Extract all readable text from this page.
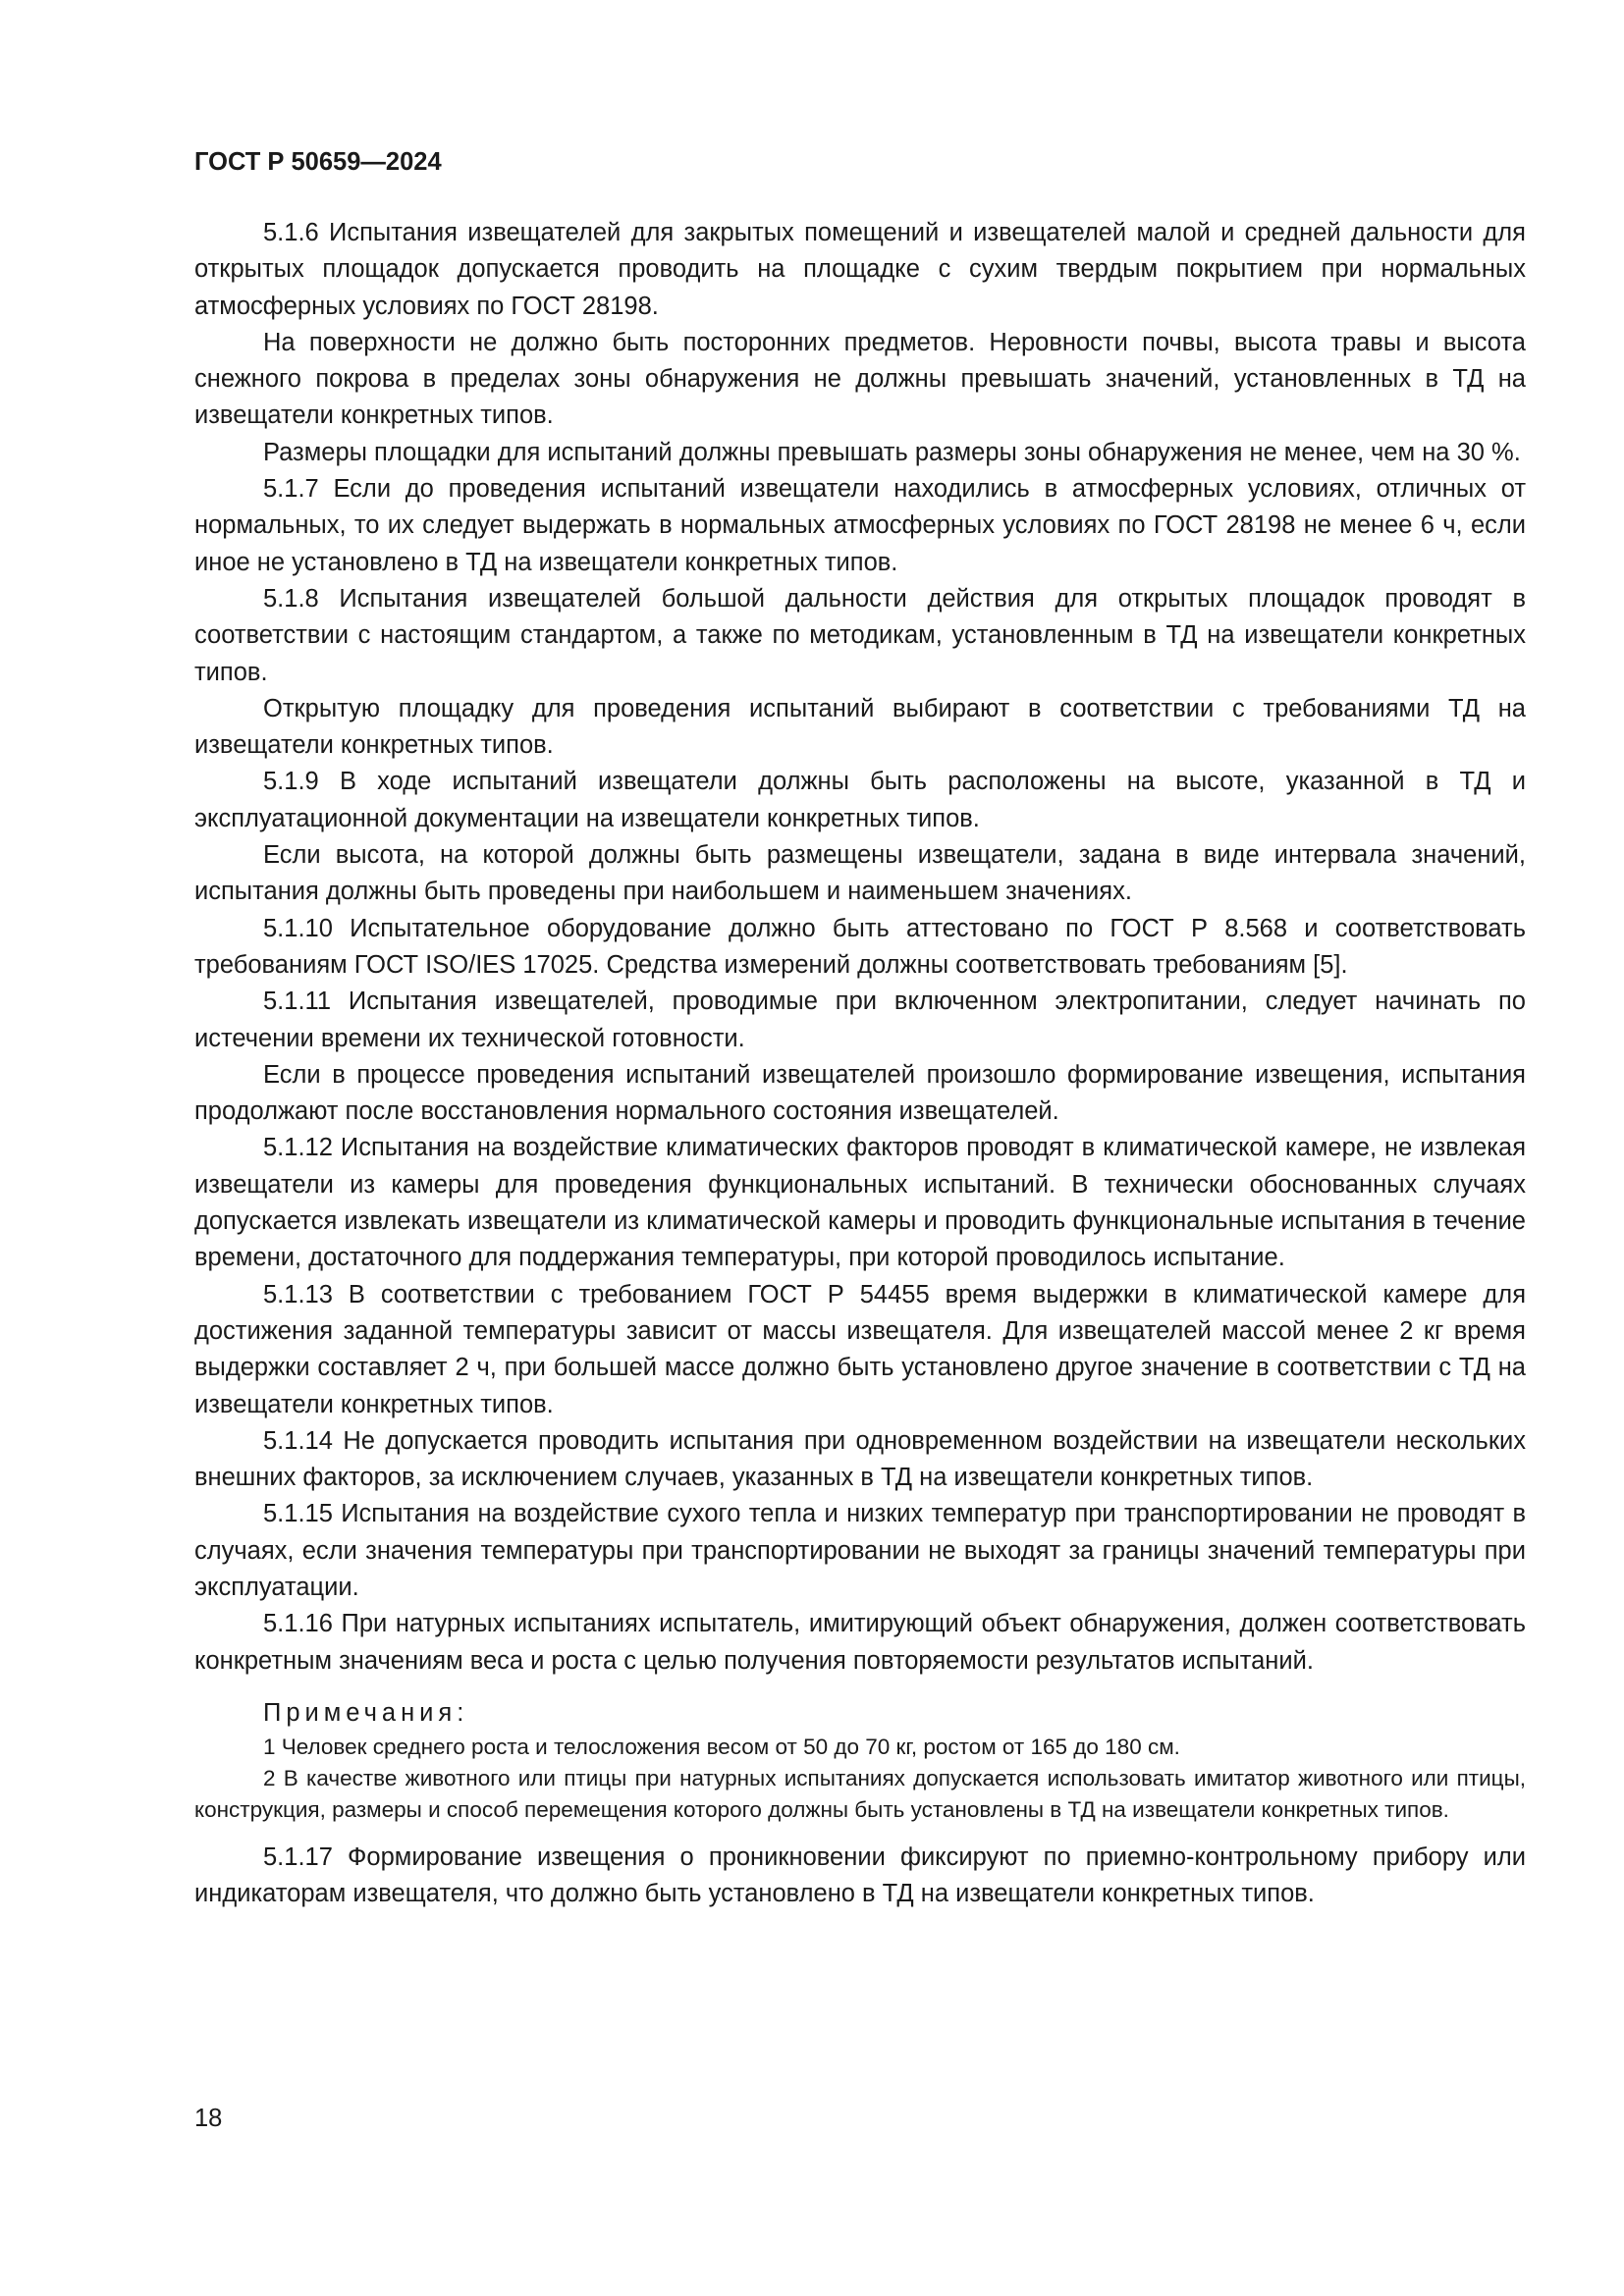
ГОСТ Р 50659—2024

5.1.6 Испытания извещателей для закрытых помещений и извещателей малой и средней дальности для открытых площадок допускается проводить на площадке с сухим твердым покрытием при нормальных атмосферных условиях по ГОСТ 28198.

На поверхности не должно быть посторонних предметов. Неровности почвы, высота травы и высота снежного покрова в пределах зоны обнаружения не должны превышать значений, установленных в ТД на извещатели конкретных типов.

Размеры площадки для испытаний должны превышать размеры зоны обнаружения не менее, чем на 30 %.

5.1.7 Если до проведения испытаний извещатели находились в атмосферных условиях, отличных от нормальных, то их следует выдержать в нормальных атмосферных условиях по ГОСТ 28198 не менее 6 ч, если иное не установлено в ТД на извещатели конкретных типов.

5.1.8 Испытания извещателей большой дальности действия для открытых площадок проводят в соответствии с настоящим стандартом, а также по методикам, установленным в ТД на извещатели конкретных типов.

Открытую площадку для проведения испытаний выбирают в соответствии с требованиями ТД на извещатели конкретных типов.

5.1.9 В ходе испытаний извещатели должны быть расположены на высоте, указанной в ТД и эксплуатационной документации на извещатели конкретных типов.

Если высота, на которой должны быть размещены извещатели, задана в виде интервала значений, испытания должны быть проведены при наибольшем и наименьшем значениях.

5.1.10 Испытательное оборудование должно быть аттестовано по ГОСТ Р 8.568 и соответствовать требованиям ГОСТ ISO/IES 17025. Средства измерений должны соответствовать требованиям [5].

5.1.11 Испытания извещателей, проводимые при включенном электропитании, следует начинать по истечении времени их технической готовности.

Если в процессе проведения испытаний извещателей произошло формирование извещения, испытания продолжают после восстановления нормального состояния извещателей.

5.1.12 Испытания на воздействие климатических факторов проводят в климатической камере, не извлекая извещатели из камеры для проведения функциональных испытаний. В технически обоснованных случаях допускается извлекать извещатели из климатической камеры и проводить функциональные испытания в течение времени, достаточного для поддержания температуры, при которой проводилось испытание.

5.1.13 В соответствии с требованием ГОСТ Р 54455 время выдержки в климатической камере для достижения заданной температуры зависит от массы извещателя. Для извещателей массой менее 2 кг время выдержки составляет 2 ч, при большей массе должно быть установлено другое значение в соответствии с ТД на извещатели конкретных типов.

5.1.14 Не допускается проводить испытания при одновременном воздействии на извещатели нескольких внешних факторов, за исключением случаев, указанных в ТД на извещатели конкретных типов.

5.1.15 Испытания на воздействие сухого тепла и низких температур при транспортировании не проводят в случаях, если значения температуры при транспортировании не выходят за границы значений температуры при эксплуатации.

5.1.16 При натурных испытаниях испытатель, имитирующий объект обнаружения, должен соответствовать конкретным значениям веса и роста с целью получения повторяемости результатов испытаний.

Примечания:

1 Человек среднего роста и телосложения весом от 50 до 70 кг, ростом от 165 до 180 см.

2 В качестве животного или птицы при натурных испытаниях допускается использовать имитатор животного или птицы, конструкция, размеры и способ перемещения которого должны быть установлены в ТД на извещатели конкретных типов.

5.1.17 Формирование извещения о проникновении фиксируют по приемно-контрольному прибору или индикаторам извещателя, что должно быть установлено в ТД на извещатели конкретных типов.

18
